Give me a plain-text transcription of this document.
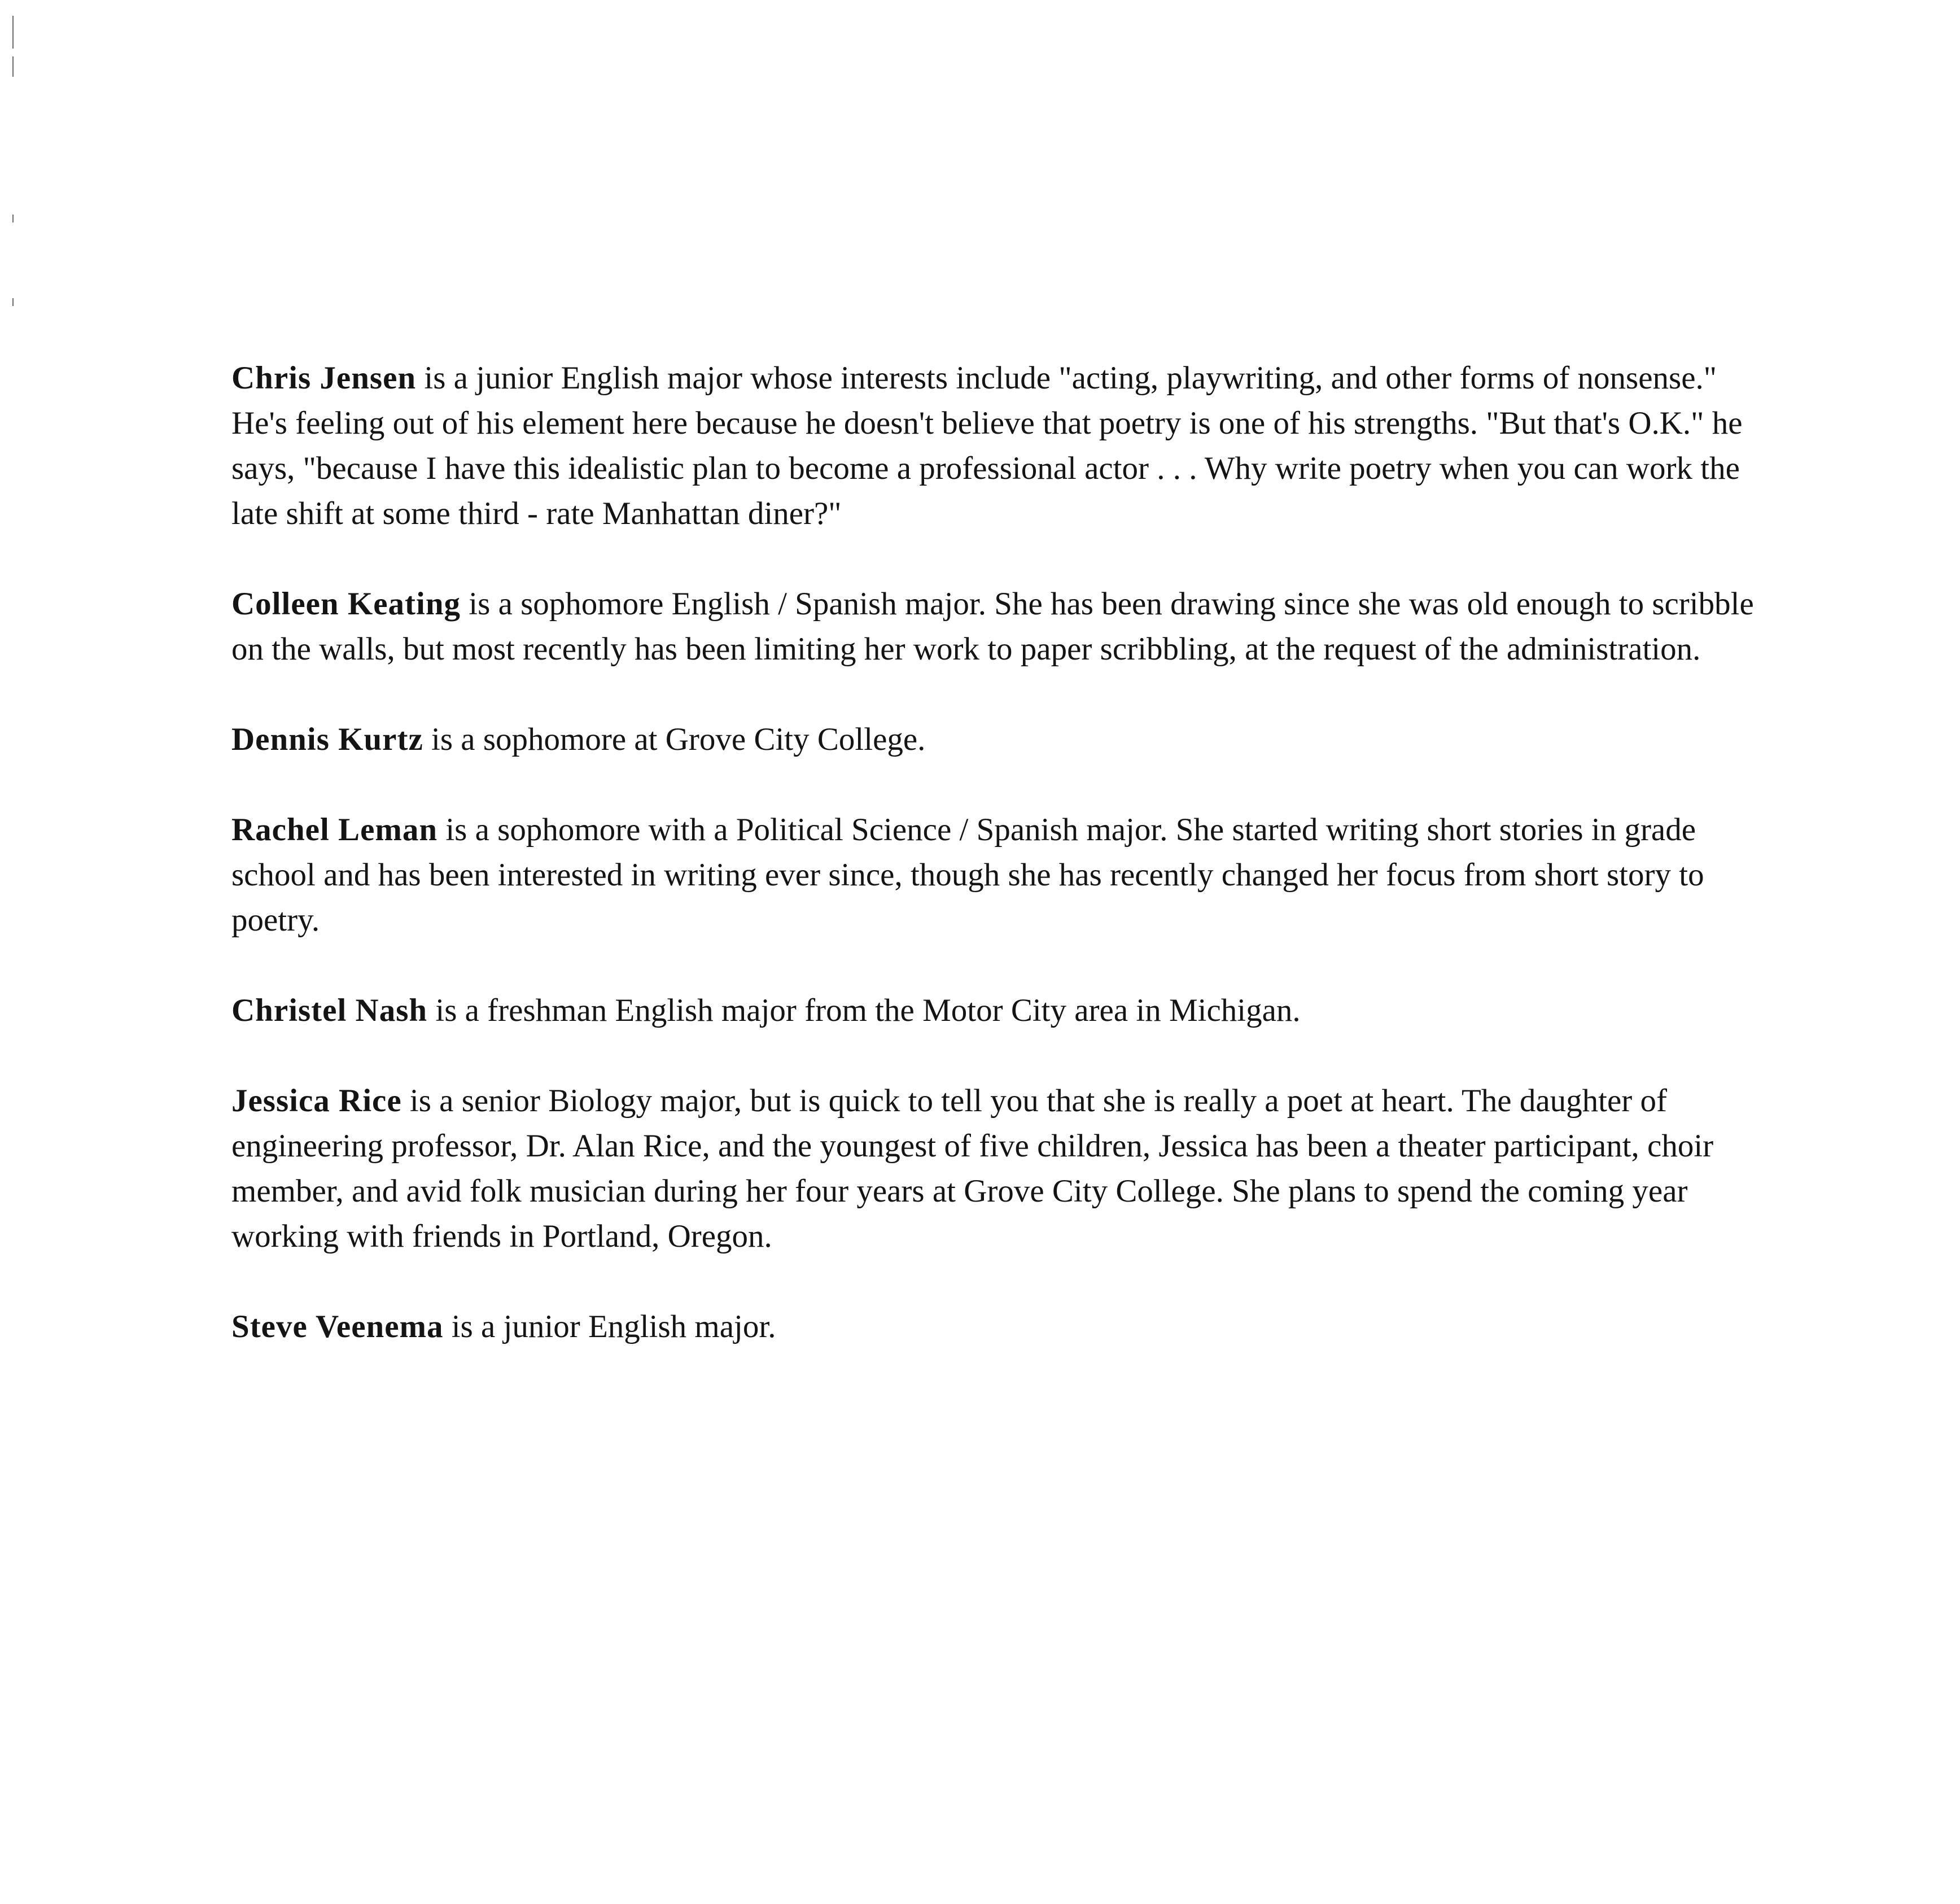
Chris Jensen is a junior English major whose interests include "acting, playwriting, and other forms of nonsense." He's feeling out of his element here because he doesn't believe that poetry is one of his strengths. "But that's O.K." he says, "because I have this idealistic plan to become a professional actor . . . Why write poetry when you can work the late shift at some third - rate Manhattan diner?"

Colleen Keating is a sophomore English / Spanish major. She has been drawing since she was old enough to scribble on the walls, but most recently has been limiting her work to paper scribbling, at the request of the administration.

Dennis Kurtz is a sophomore at Grove City College.

Rachel Leman is a sophomore with a Political Science / Spanish major. She started writing short stories in grade school and has been interested in writing ever since, though she has recently changed her focus from short story to poetry.

Christel Nash is a freshman English major from the Motor City area in Michigan.

Jessica Rice is a senior Biology major, but is quick to tell you that she is really a poet at heart. The daughter of engineering professor, Dr. Alan Rice, and the youngest of five children, Jessica has been a theater participant, choir member, and avid folk musician during her four years at Grove City College. She plans to spend the coming year working with friends in Portland, Oregon.

Steve Veenema is a junior English major.
